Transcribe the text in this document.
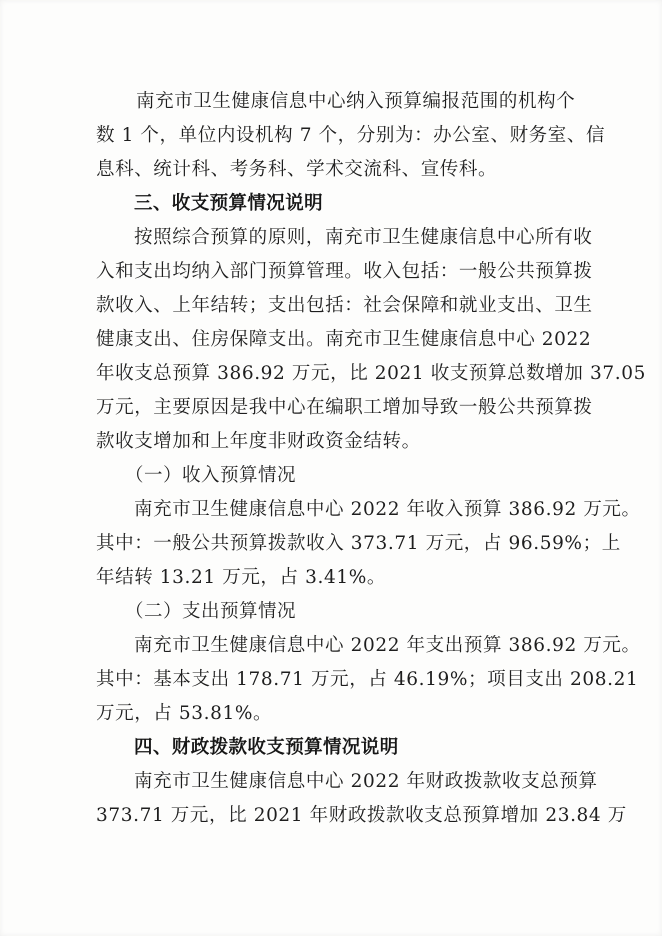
南充市卫生健康信息中心纳入预算编报范围的机构个
数 1 个，单位内设机构 7 个，分别为：办公室、财务室、信
息科、统计科、考务科、学术交流科、宣传科。
三、收支预算情况说明
按照综合预算的原则，南充市卫生健康信息中心所有收
入和支出均纳入部门预算管理。收入包括：一般公共预算拨
款收入、上年结转；支出包括：社会保障和就业支出、卫生
健康支出、住房保障支出。南充市卫生健康信息中心 2022
年收支总预算 386.92 万元，比 2021 收支预算总数增加 37.05
万元，主要原因是我中心在编职工增加导致一般公共预算拨
款收支增加和上年度非财政资金结转。
（一）收入预算情况
南充市卫生健康信息中心 2022 年收入预算 386.92 万元。
其中：一般公共预算拨款收入 373.71 万元，占 96.59%；上
年结转 13.21 万元，占 3.41%。
（二）支出预算情况
南充市卫生健康信息中心 2022 年支出预算 386.92 万元。
其中：基本支出 178.71 万元，占 46.19%；项目支出 208.21
万元，占 53.81%。
四、财政拨款收支预算情况说明
南充市卫生健康信息中心 2022 年财政拨款收支总预算
373.71 万元，比 2021 年财政拨款收支总预算增加 23.84 万
